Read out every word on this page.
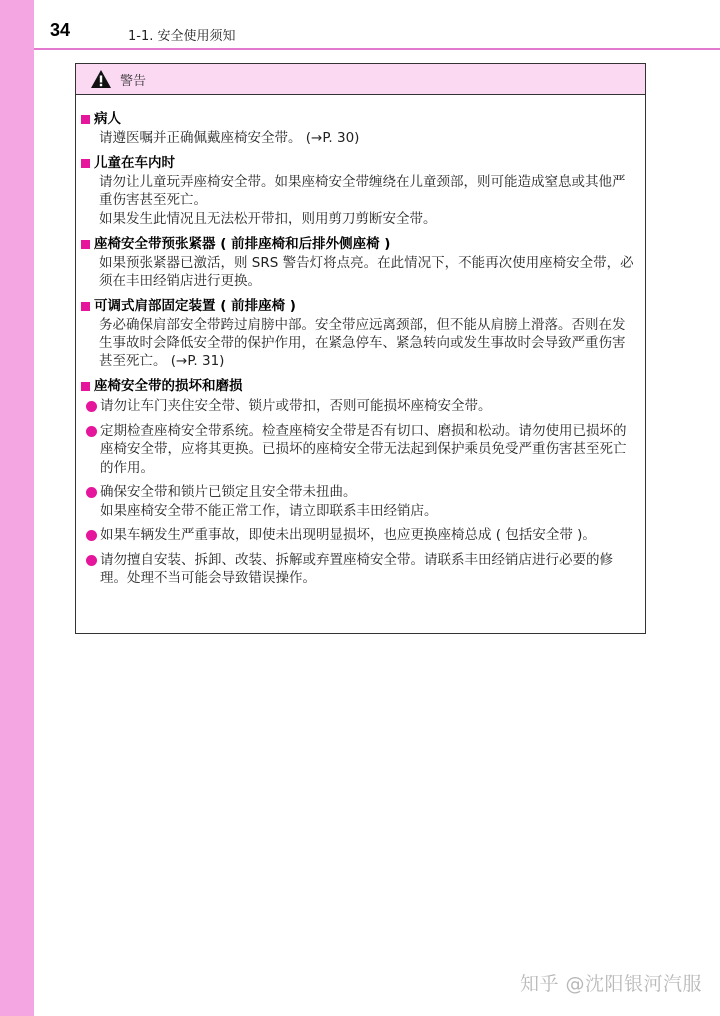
34	1-1. 安全使用须知
警告
病人
请遵医嘱并正确佩戴座椅安全带。 (→P. 30)
儿童在车内时
请勿让儿童玩弄座椅安全带。如果座椅安全带缠绕在儿童颈部，则可能造成窒息或其他严重伤害甚至死亡。
如果发生此情况且无法松开带扣，则用剪刀剪断安全带。
座椅安全带预张紧器 ( 前排座椅和后排外侧座椅 )
如果预张紧器已激活，则 SRS 警告灯将点亮。在此情况下，不能再次使用座椅安全带，必须在丰田经销店进行更换。
可调式肩部固定装置 ( 前排座椅 )
务必确保肩部安全带跨过肩膀中部。安全带应远离颈部，但不能从肩膀上滑落。否则在发生事故时会降低安全带的保护作用，在紧急停车、紧急转向或发生事故时会导致严重伤害甚至死亡。 (→P. 31)
座椅安全带的损坏和磨损
请勿让车门夹住安全带、锁片或带扣，否则可能损坏座椅安全带。
定期检查座椅安全带系统。检查座椅安全带是否有切口、磨损和松动。请勿使用已损坏的座椅安全带，应将其更换。已损坏的座椅安全带无法起到保护乘员免受严重伤害甚至死亡的作用。
确保安全带和锁片已锁定且安全带未扭曲。
如果座椅安全带不能正常工作，请立即联系丰田经销店。
如果车辆发生严重事故，即使未出现明显损坏，也应更换座椅总成 ( 包括安全带 )。
请勿擅自安装、拆卸、改装、拆解或弃置座椅安全带。请联系丰田经销店进行必要的修理。处理不当可能会导致错误操作。
知乎 @沈阳银河汽服
